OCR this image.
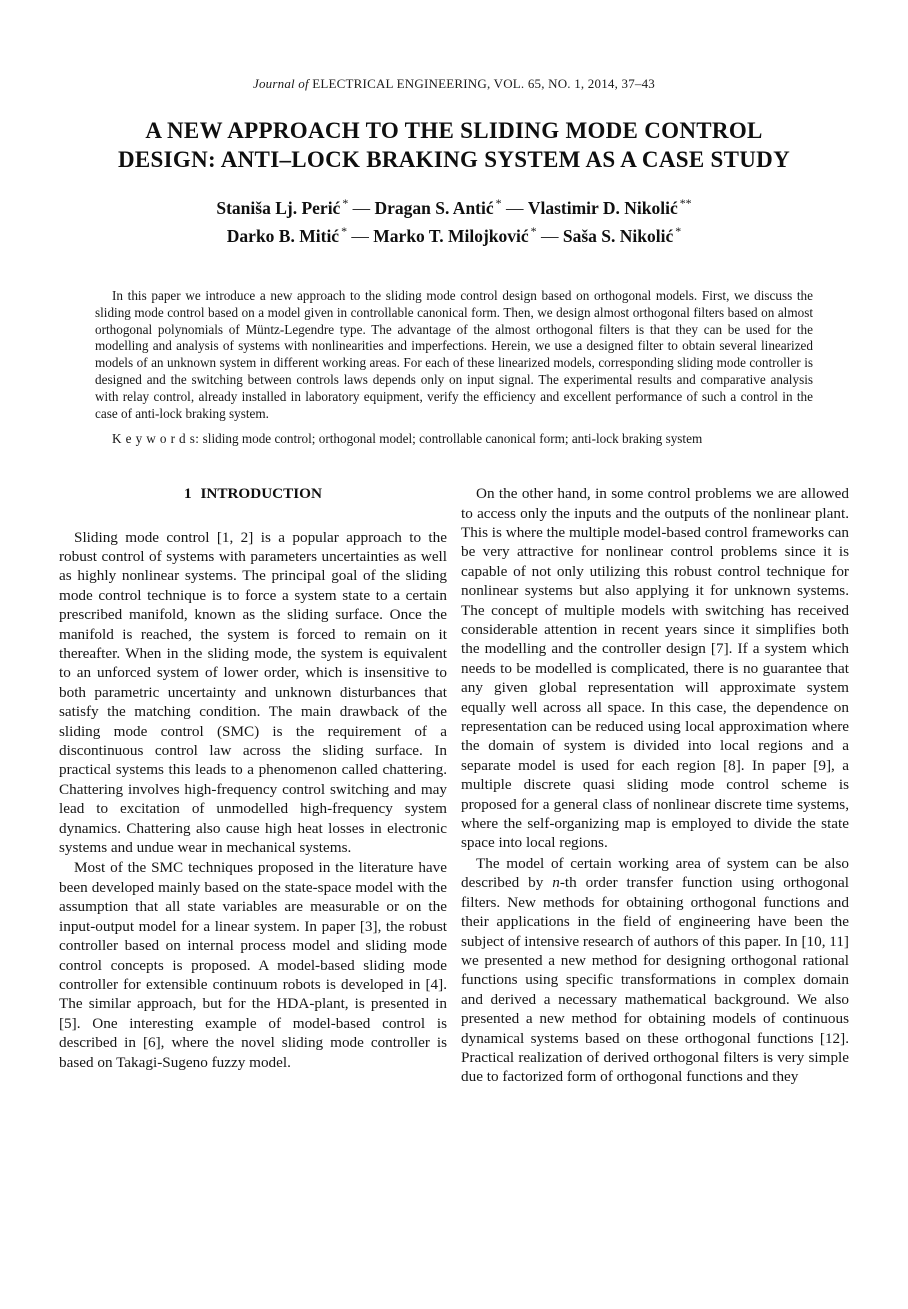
Journal of ELECTRICAL ENGINEERING, VOL. 65, NO. 1, 2014, 37–43
A NEW APPROACH TO THE SLIDING MODE CONTROL
DESIGN: ANTI–LOCK BRAKING SYSTEM AS A CASE STUDY
Staniša Lj. Perić * — Dragan S. Antić * — Vlastimir D. Nikolić **
Darko B. Mitić * — Marko T. Milojković * — Saša S. Nikolić *

In this paper we introduce a new approach to the sliding mode control design based on orthogonal models. First, we discuss the sliding mode control based on a model given in controllable canonical form. Then, we design almost orthogonal filters based on almost orthogonal polynomials of Müntz-Legendre type. The advantage of the almost orthogonal filters is that they can be used for the modelling and analysis of systems with nonlinearities and imperfections. Herein, we use a designed filter to obtain several linearized models of an unknown system in different working areas. For each of these linearized models, corresponding sliding mode controller is designed and the switching between controls laws depends only on input signal. The experimental results and comparative analysis with relay control, already installed in laboratory equipment, verify the efficiency and excellent performance of such a control in the case of anti-lock braking system.

K e y w o r d s: sliding mode control; orthogonal model; controllable canonical form; anti-lock braking system
1 INTRODUCTION

Sliding mode control [1, 2] is a popular approach to the robust control of systems with parameters uncertainties as well as highly nonlinear systems. The principal goal of the sliding mode control technique is to force a system state to a certain prescribed manifold, known as the sliding surface. Once the manifold is reached, the system is forced to remain on it thereafter. When in the sliding mode, the system is equivalent to an unforced system of lower order, which is insensitive to both parametric uncertainty and unknown disturbances that satisfy the matching condition. The main drawback of the sliding mode control (SMC) is the requirement of a discontinuous control law across the sliding surface. In practical systems this leads to a phenomenon called chattering. Chattering involves high-frequency control switching and may lead to excitation of unmodelled high-frequency system dynamics. Chattering also cause high heat losses in electronic systems and undue wear in mechanical systems.

Most of the SMC techniques proposed in the literature have been developed mainly based on the state-space model with the assumption that all state variables are measurable or on the input-output model for a linear system. In paper [3], the robust controller based on internal process model and sliding mode control concepts is proposed. A model-based sliding mode controller for extensible continuum robots is developed in [4]. The similar approach, but for the HDA-plant, is presented in [5]. One interesting example of model-based control is described in [6], where the novel sliding mode controller is based on Takagi-Sugeno fuzzy model.

On the other hand, in some control problems we are allowed to access only the inputs and the outputs of the nonlinear plant. This is where the multiple model-based control frameworks can be very attractive for nonlinear control problems since it is capable of not only utilizing this robust control technique for nonlinear systems but also applying it for unknown systems. The concept of multiple models with switching has received considerable attention in recent years since it simplifies both the modelling and the controller design [7]. If a system which needs to be modelled is complicated, there is no guarantee that any given global representation will approximate system equally well across all space. In this case, the dependence on representation can be reduced using local approximation where the domain of system is divided into local regions and a separate model is used for each region [8]. In paper [9], a multiple discrete quasi sliding mode control scheme is proposed for a general class of nonlinear discrete time systems, where the self-organizing map is employed to divide the state space into local regions.

The model of certain working area of system can be also described by n-th order transfer function using orthogonal filters. New methods for obtaining orthogonal functions and their applications in the field of engineering have been the subject of intensive research of authors of this paper. In [10, 11] we presented a new method for designing orthogonal rational functions using specific transformations in complex domain and derived a necessary mathematical background. We also presented a new method for obtaining models of continuous dynamical systems based on these orthogonal functions [12]. Practical realization of derived orthogonal filters is very simple due to factorized form of orthogonal functions and they
